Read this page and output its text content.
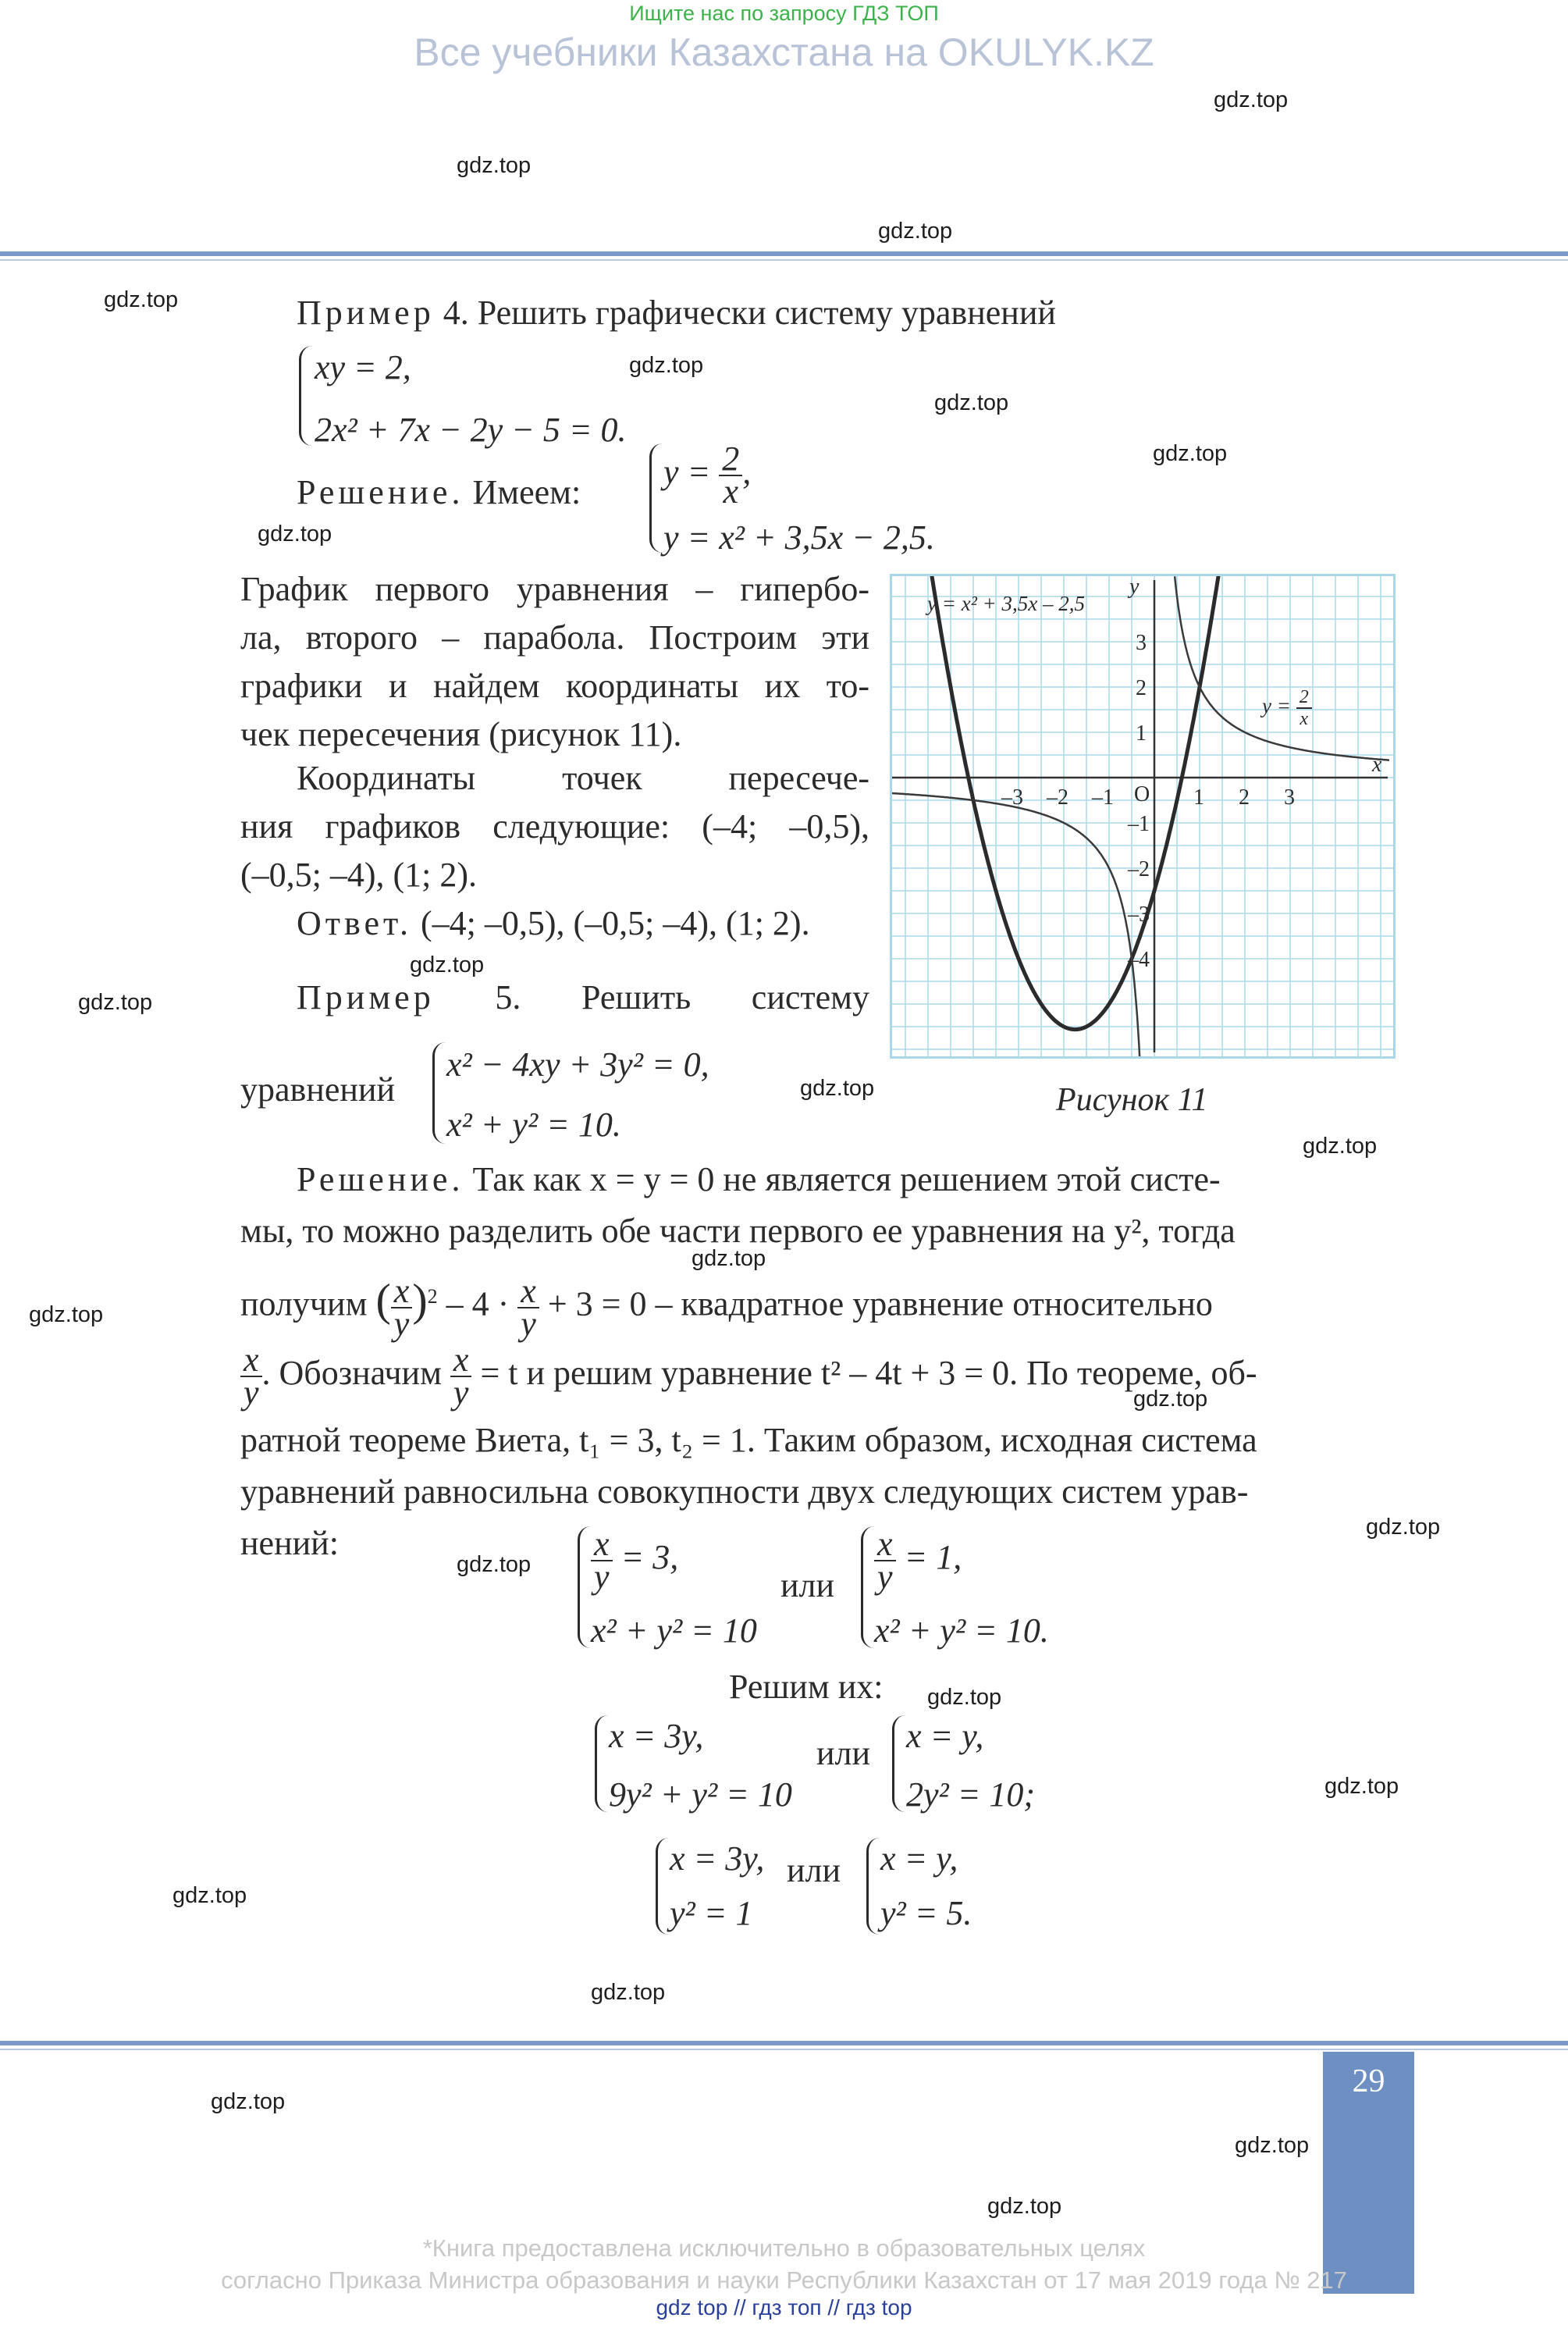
Ищите нас по запросу ГДЗ ТОП
Все учебники Казахстана на OKULYK.KZ
Пример 4. Решить графически систему уравнений
xy = 2,
2x² + 7x − 2y − 5 = 0.
Решение. Имеем:
$y = \frac{2}{x}$ ,
y = x² + 3,5x − 2,5.
График первого уравнения – гипербо-
ла, второго – парабола. Построим эти
графики и найдем координаты их то-
чек пересечения (рисунок 11).
Координаты точек пересече-
ния графиков следующие: (–4; –0,5),
(–0,5; –4), (1; 2).
Ответ. (–4; –0,5), (–0,5; –4), (1; 2).
–3 –2 –1	1 2 3
3
2
1
–1
–2
–3
–4
O
x
y
y = x² + 3,5x – 2,5
$y = \frac{2}{x}$
Рисунок 11
Пример 5. Решить систему
уравнений
x² − 4xy + 3y² = 0,
x² + y² = 10.
Решение. Так как x = y = 0 не является решением этой систе-
мы, то можно разделить обе части первого ее уравнения на y², тогда
получим ( $\frac{x}{y} )^2 - 4 \cdot \frac{x}{y} + 3 = 0$ – квадратное уравнение относительно
$\frac{x}{y}$ . Обозначим $\frac{x}{y} = t$ и решим уравнение t² – 4t + 3 = 0. По теореме, об-
ратной теореме Виета, t₁ = 3, t₂ = 1. Таким образом, исходная система
уравнений равносильна совокупности двух следующих систем урав-
нений:	$\frac{x}{y} = 3$,
x² + y² = 10
или $\frac{x}{y} = 1$,
x² + y² = 10.
Решим их:
x = 3y,
9y² + y² = 10
или x = y,
2y² = 10;
x = 3y,
y² = 1
или x = y,
y² = 5.
29
*Книга предоставлена исключительно в образовательных целях
согласно Приказа Министра образования и науки Республики Казахстан от 17 мая 2019 года № 217
gdz top // гдз топ // гдз top
gdz.top
gdz.top
gdz.top
gdz.top
gdz.top
gdz.top
gdz.top
gdz.top
gdz.top
gdz.top
gdz.top
gdz.top
gdz.top
gdz.top
gdz.top
gdz.top
gdz.top
gdz.top
gdz.top
gdz.top
gdz.top
gdz.top
gdz.top
gdz.top
